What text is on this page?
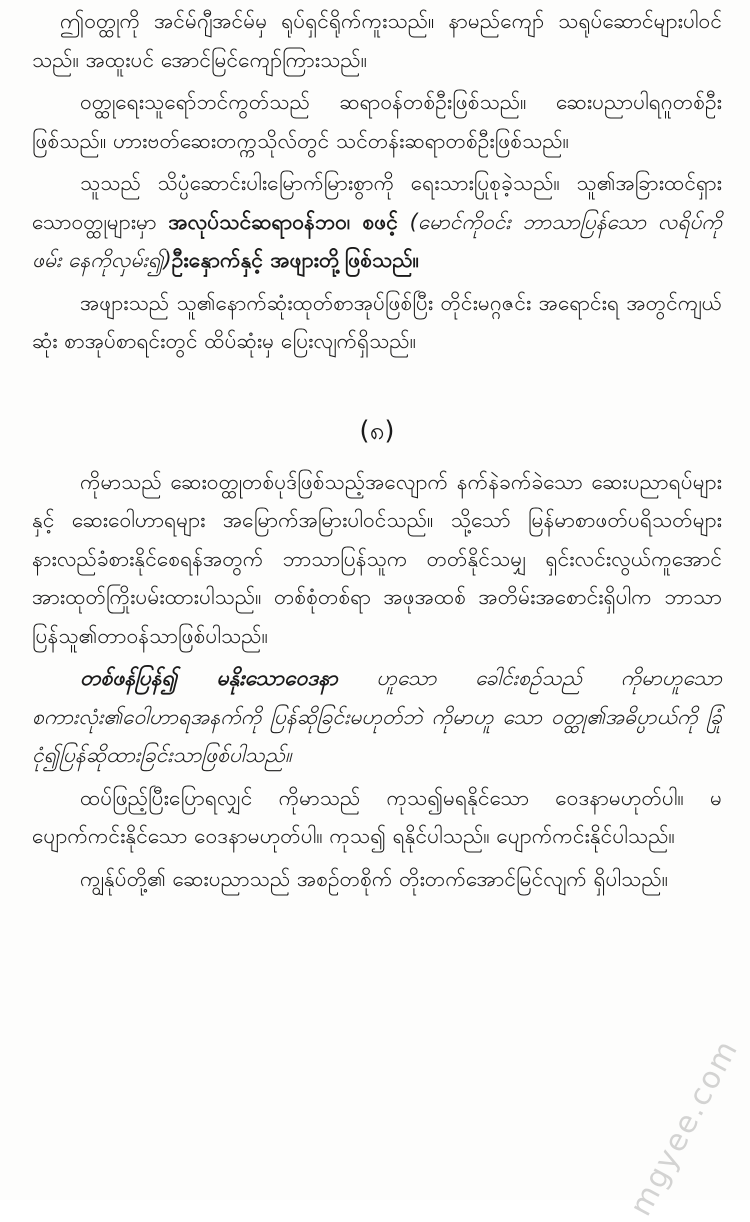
ဤဝတ္ထုကို အင်မ်ဂျီအင်မ်မှ ရုပ်ရှင်ရိုက်ကူးသည်။ နာမည်ကျော် သရုပ်ဆောင်များပါဝင်သည်။ အထူးပင် အောင်မြင်ကျော်ကြားသည်။

ဝတ္ထုရေးသူရော်ဘင်ကွတ်သည် ဆရာဝန်တစ်ဦးဖြစ်သည်။ ဆေးပညာပါရဂူတစ်ဦးဖြစ်သည်။ ဟားဗတ်ဆေးတက္ကသိုလ်တွင် သင်တန်းဆရာတစ်ဦးဖြစ်သည်။

သူသည် သိပ္ပံဆောင်းပါးမြောက်မြားစွာကို ရေးသားပြုစုခဲ့သည်။ သူ၏အခြားထင်ရှားသောဝတ္ထုများမှာ အလုပ်သင်ဆရာဝန်ဘဝ၊ စဖင့် (မောင်ကိုဝင်း ဘာသာပြန်သော လရိပ်ကိုဖမ်း နေကိုလှမ်း၍)ဦးနှောက်နှင့် အဖျားတို့ဖြစ်သည်။

အဖျားသည် သူ၏နောက်ဆုံးထုတ်စာအုပ်ဖြစ်ပြီး တိုင်းမဂ္ဂဇင်း အရောင်းရ အတွင်ကျယ်ဆုံး စာအုပ်စာရင်းတွင် ထိပ်ဆုံးမှ ပြေးလျက်ရှိသည်။

(၈)

ကိုမာသည် ဆေးဝတ္ထုတစ်ပုဒ်ဖြစ်သည့်အလျောက် နက်နဲခက်ခဲသော ဆေးပညာရပ်များနှင့် ဆေးဝေါဟာရများ အမြောက်အမြားပါဝင်သည်။ သို့သော် မြန်မာစာဖတ်ပရိသတ်များ နားလည်ခံစားနိုင်စေရန်အတွက် ဘာသာပြန်သူက တတ်နိုင်သမျှ ရှင်းလင်းလွယ်ကူအောင် အားထုတ်ကြိုးပမ်းထားပါသည်။ တစ်စုံတစ်ရာ အဖုအထစ် အတိမ်းအစောင်းရှိပါက ဘာသာပြန်သူ၏တာဝန်သာဖြစ်ပါသည်။

တစ်ဖန်ပြန်၍ မနိုးသောဝေဒနာ ဟူသော ခေါင်းစဉ်သည် ကိုမာဟူသော စကားလုံး၏ဝေါဟာရအနက်ကို ပြန်ဆိုခြင်းမဟုတ်ဘဲ ကိုမာဟူ သော ဝတ္ထု၏အဓိပ္ပာယ်ကို ခြုံငုံ၍ပြန်ဆိုထားခြင်းသာဖြစ်ပါသည်။

ထပ်ဖြည့်ပြီးပြောရလျှင် ကိုမာသည် ကုသ၍မရနိုင်သော ဝေဒနာမဟုတ်ပါ။ မပျောက်ကင်းနိုင်သော ဝေဒနာမဟုတ်ပါ။ ကုသ၍ ရနိုင်ပါသည်။ ပျောက်ကင်းနိုင်ပါသည်။

ကျွန်ုပ်တို့၏ ဆေးပညာသည် အစဉ်တစိုက် တိုးတက်အောင်မြင်လျက် ရှိပါသည်။

mgyee.com
